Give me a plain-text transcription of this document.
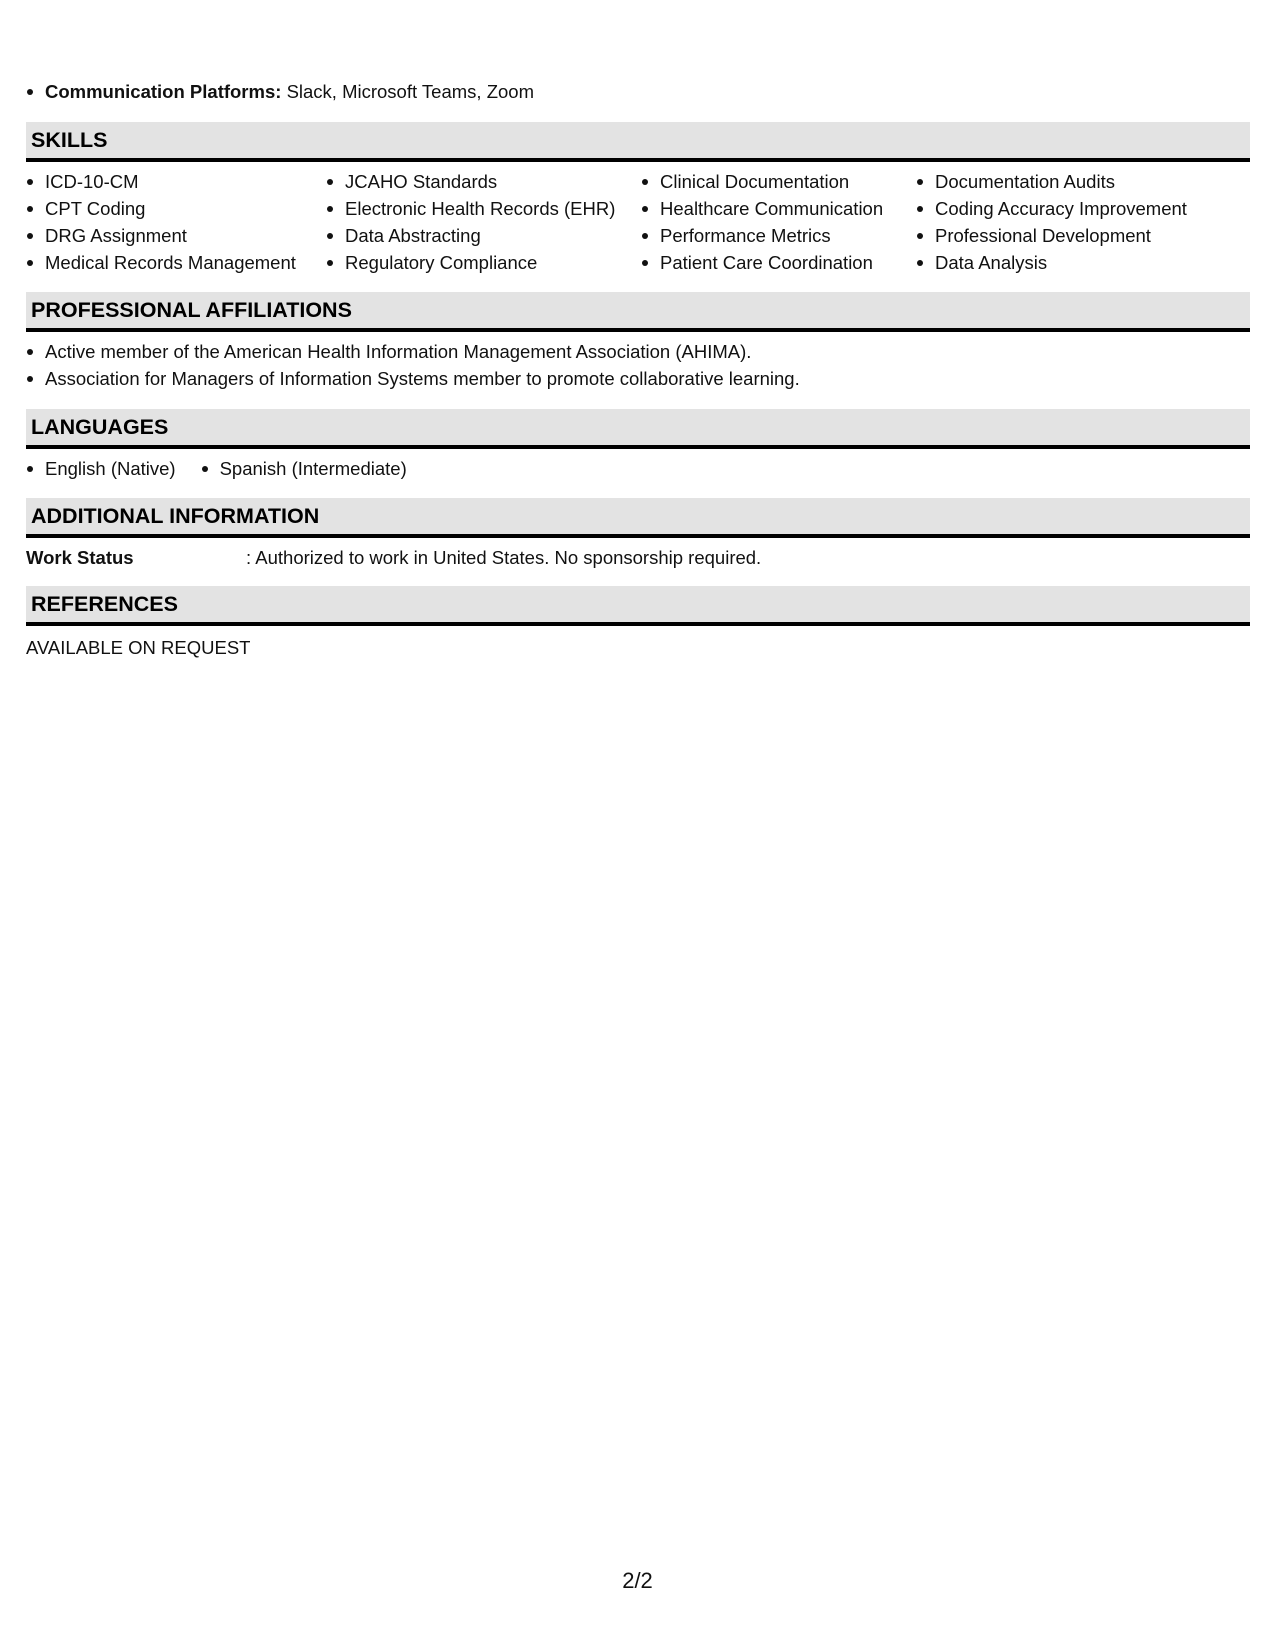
Communication Platforms: Slack, Microsoft Teams, Zoom
SKILLS
ICD-10-CM
CPT Coding
DRG Assignment
Medical Records Management
JCAHO Standards
Electronic Health Records (EHR)
Data Abstracting
Regulatory Compliance
Clinical Documentation
Healthcare Communication
Performance Metrics
Patient Care Coordination
Documentation Audits
Coding Accuracy Improvement
Professional Development
Data Analysis
PROFESSIONAL AFFILIATIONS
Active member of the American Health Information Management Association (AHIMA).
Association for Managers of Information Systems member to promote collaborative learning.
LANGUAGES
English (Native)	Spanish (Intermediate)
ADDITIONAL INFORMATION
Work Status	: Authorized to work in United States. No sponsorship required.
REFERENCES
AVAILABLE ON REQUEST
2/2
